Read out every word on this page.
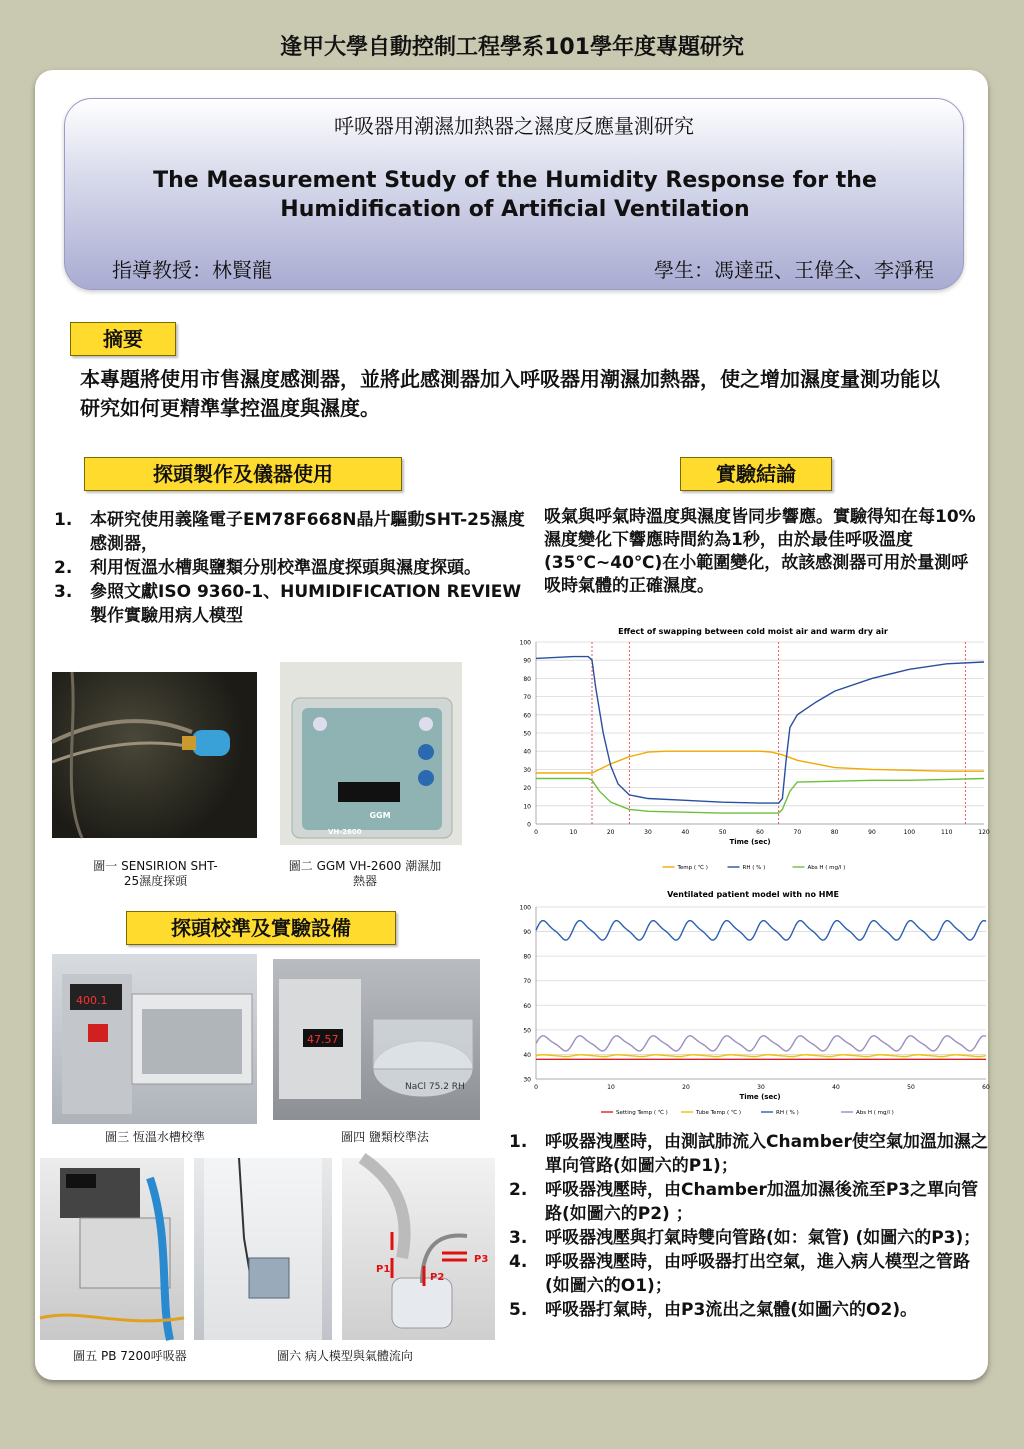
逢甲大學自動控制工程學系101學年度專題研究
呼吸器用潮濕加熱器之濕度反應量測研究
The Measurement Study of the Humidity Response for the Humidification of Artificial Ventilation
指導教授：林賢龍	學生：馮達亞、王偉全、李淨程
摘要
本專題將使用市售濕度感測器，並將此感測器加入呼吸器用潮濕加熱器，使之增加濕度量測功能以研究如何更精準掌控溫度與濕度。
探頭製作及儀器使用
1. 本研究使用義隆電子EM78F668N晶片驅動SHT-25濕度感測器，
2. 利用恆溫水槽與鹽類分別校準溫度探頭與濕度探頭。
3. 參照文獻ISO 9360-1、HUMIDIFICATION REVIEW製作實驗用病人模型
圖一 SENSIRION SHT-25濕度探頭
GGM
VH-2600
圖二 GGM VH-2600 潮濕加熱器
探頭校準及實驗設備
400.1
圖三 恆溫水槽校準
47.57
NaCl 75.2 RH
圖四 鹽類校準法
圖五 PB 7200呼吸器
P1
P2
P3
圖六 病人模型與氣體流向
實驗結論
吸氣與呼氣時溫度與濕度皆同步響應。實驗得知在每10%濕度變化下響應時間約為1秒，由於最佳呼吸溫度(35℃~40℃)在小範圍變化，故該感測器可用於量測呼吸時氣體的正確濕度。
Effect of swapping between cold moist air and warm dry air
0
10
20
30
40
50
60
70
80
90
100
0	10	20	30	40	50	60	70	80	90	100	110	120
Time (sec)
Temp ( ℃ )	RH ( % )	Abs H ( mg/l )
Ventilated patient model with no HME
30
40
50
60
70
80
90
100
0	10	20	30	40	50	60
Time (sec)
Setting Temp ( ℃ )	Tube Temp ( ℃ )	RH ( % )	Abs H ( mg/l )
1. 呼吸器洩壓時，由測試肺流入Chamber使空氣加溫加濕之單向管路(如圖六的P1)；
2. 呼吸器洩壓時，由Chamber加溫加濕後流至P3之單向管路(如圖六的P2) ；
3. 呼吸器洩壓與打氣時雙向管路(如：氣管) (如圖六的P3)；
4. 呼吸器洩壓時，由呼吸器打出空氣，進入病人模型之管路(如圖六的O1)；
5. 呼吸器打氣時，由P3流出之氣體(如圖六的O2)。
